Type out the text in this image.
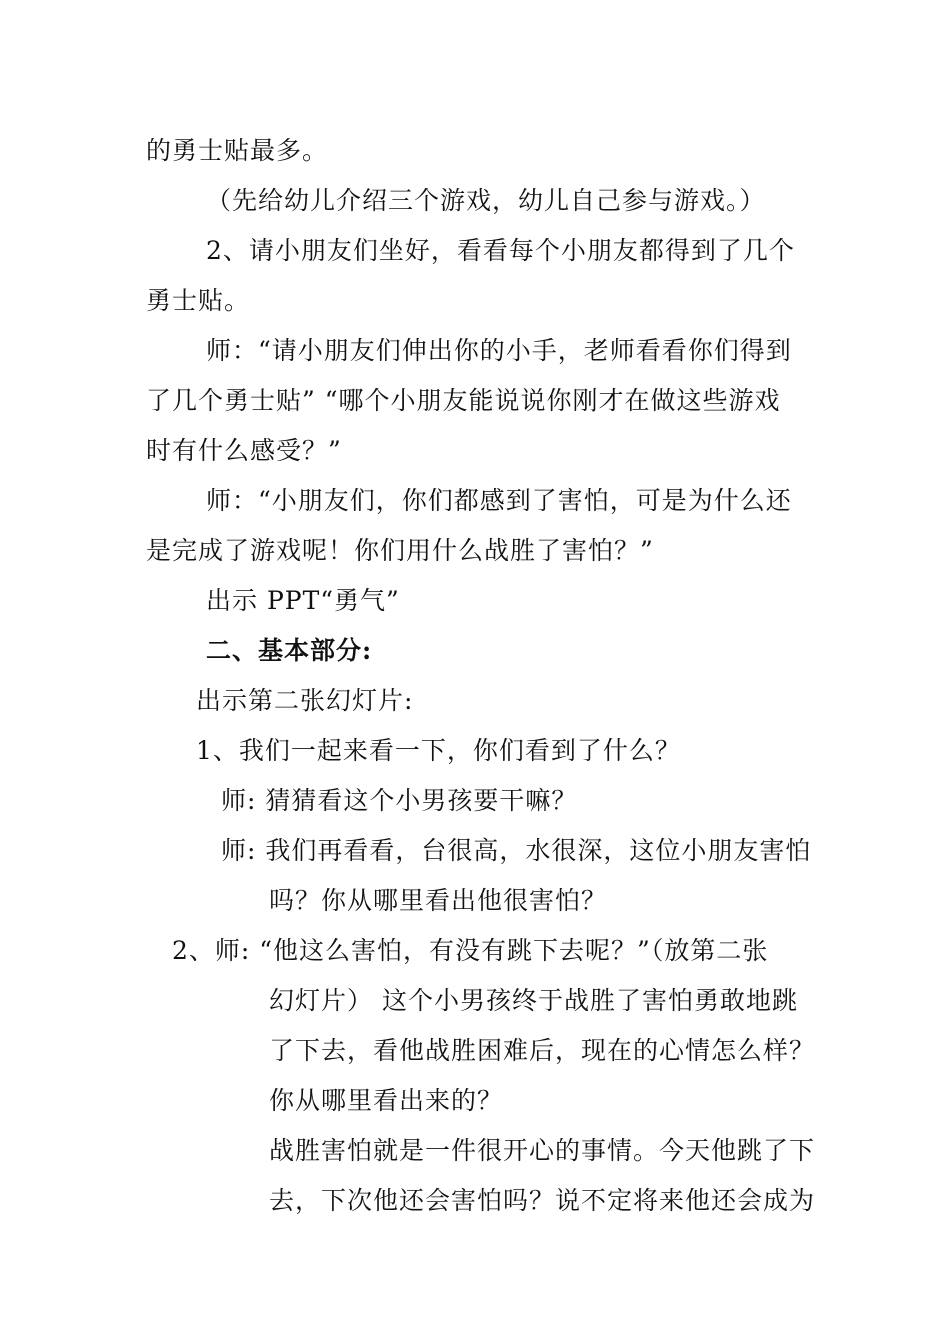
的勇士贴最多。
（先给幼儿介绍三个游戏，幼儿自己参与游戏。）
2、请小朋友们坐好，看看每个小朋友都得到了几个
勇士贴。
师：“请小朋友们伸出你的小手，老师看看你们得到
了几个勇士贴” “哪个小朋友能说说你刚才在做这些游戏
时有什么感受？”
师：“小朋友们，你们都感到了害怕，可是为什么还
是完成了游戏呢！你们用什么战胜了害怕？”
出示 PPT“勇气”
二、基本部分:
出示第二张幻灯片:
1、我们一起来看一下，你们看到了什么？
师: 猜猜看这个小男孩要干嘛？
师: 我们再看看，台很高，水很深，这位小朋友害怕
吗？你从哪里看出他很害怕？
2、师: “他这么害怕，有没有跳下去呢？”（放第二张
幻灯片） 这个小男孩终于战胜了害怕勇敢地跳
了下去，看他战胜困难后，现在的心情怎么样？
你从哪里看出来的？
战胜害怕就是一件很开心的事情。今天他跳了下
去，下次他还会害怕吗？说不定将来他还会成为
